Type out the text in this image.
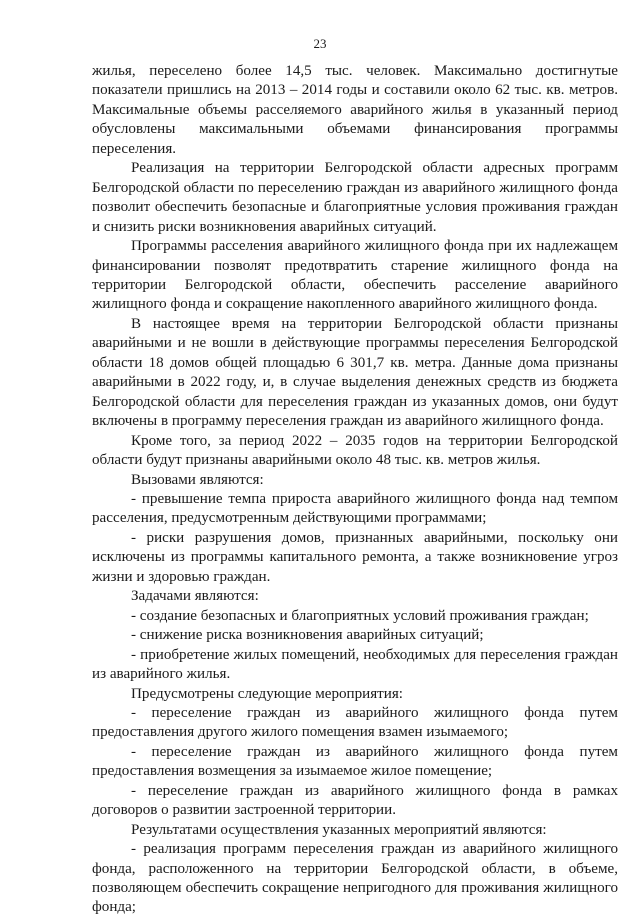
23

жилья, переселено более 14,5 тыс. человек. Максимально достигнутые показатели пришлись на 2013 – 2014 годы и составили около 62 тыс. кв. метров. Максимальные объемы расселяемого аварийного жилья в указанный период обусловлены максимальными объемами финансирования программы переселения.

Реализация на территории Белгородской области адресных программ Белгородской области по переселению граждан из аварийного жилищного фонда позволит обеспечить безопасные и благоприятные условия проживания граждан и снизить риски возникновения аварийных ситуаций.

Программы расселения аварийного жилищного фонда при их надлежащем финансировании позволят предотвратить старение жилищного фонда на территории Белгородской области, обеспечить расселение аварийного жилищного фонда и сокращение накопленного аварийного жилищного фонда.

В настоящее время на территории Белгородской области признаны аварийными и не вошли в действующие программы переселения Белгородской области 18 домов общей площадью 6 301,7 кв. метра. Данные дома признаны аварийными в 2022 году, и, в случае выделения денежных средств из бюджета Белгородской области для переселения граждан из указанных домов, они будут включены в программу переселения граждан из аварийного жилищного фонда.

Кроме того, за период 2022 – 2035 годов на территории Белгородской области будут признаны аварийными около 48 тыс. кв. метров жилья.

Вызовами являются:

- превышение темпа прироста аварийного жилищного фонда над темпом расселения, предусмотренным действующими программами;

- риски разрушения домов, признанных аварийными, поскольку они исключены из программы капитального ремонта, а также возникновение угроз жизни и здоровью граждан.

Задачами являются:

- создание безопасных и благоприятных условий проживания граждан;

- снижение риска возникновения аварийных ситуаций;

- приобретение жилых помещений, необходимых для переселения граждан из аварийного жилья.

Предусмотрены следующие мероприятия:

- переселение граждан из аварийного жилищного фонда путем предоставления другого жилого помещения взамен изымаемого;

- переселение граждан из аварийного жилищного фонда путем предоставления возмещения за изымаемое жилое помещение;

- переселение граждан из аварийного жилищного фонда в рамках договоров о развитии застроенной территории.

Результатами осуществления указанных мероприятий являются:

- реализация программ переселения граждан из аварийного жилищного фонда, расположенного на территории Белгородской области, в объеме, позволяющем обеспечить сокращение непригодного для проживания жилищного фонда;
